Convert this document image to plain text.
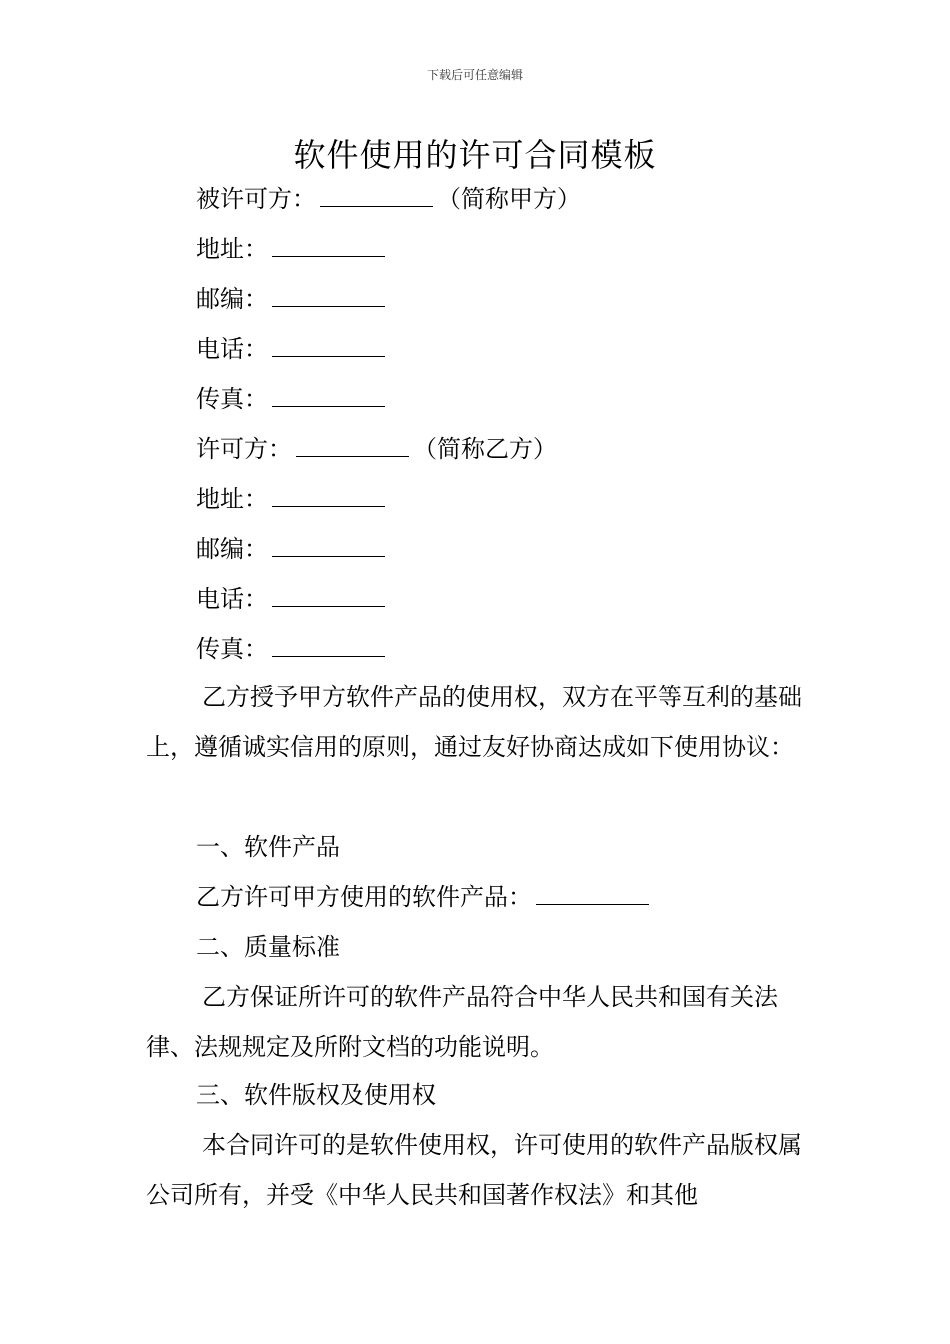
下载后可任意编辑
软件使用的许可合同模板
被许可方：	（简称甲方）
地址：
邮编：
电话：
传真：
许可方：	（简称乙方）
地址：
邮编：
电话：
传真：
乙方授予甲方软件产品的使用权，双方在平等互利的基础上，遵循诚实信用的原则，通过友好协商达成如下使用协议：
一、软件产品
乙方许可甲方使用的软件产品：
二、质量标准
乙方保证所许可的软件产品符合中华人民共和国有关法律、法规规定及所附文档的功能说明。
三、软件版权及使用权
本合同许可的是软件使用权，许可使用的软件产品版权属公司所有，并受《中华人民共和国著作权法》和其他
